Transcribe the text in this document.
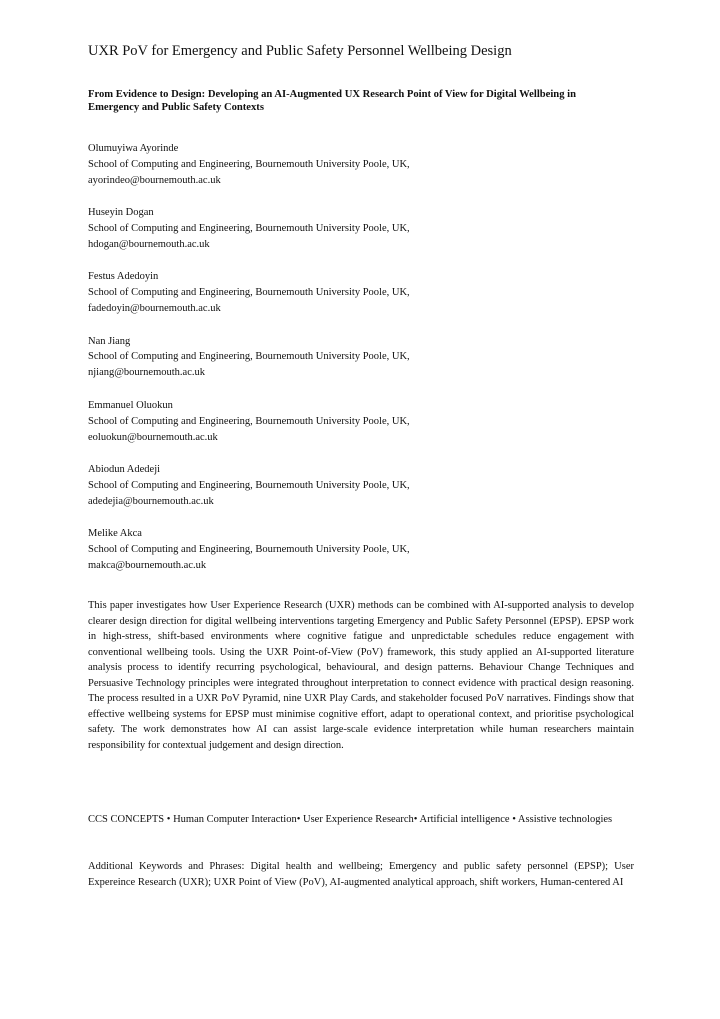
UXR PoV for Emergency and Public Safety Personnel Wellbeing Design
From Evidence to Design: Developing an AI-Augmented UX Research Point of View for Digital Wellbeing in Emergency and Public Safety Contexts
Olumuyiwa Ayorinde
School of Computing and Engineering, Bournemouth University Poole, UK,
ayorindeo@bournemouth.ac.uk
Huseyin Dogan
School of Computing and Engineering, Bournemouth University Poole, UK,
hdogan@bournemouth.ac.uk
Festus Adedoyin
School of Computing and Engineering, Bournemouth University Poole, UK,
fadedoyin@bournemouth.ac.uk
Nan Jiang
School of Computing and Engineering, Bournemouth University Poole, UK,
njiang@bournemouth.ac.uk
Emmanuel Oluokun
School of Computing and Engineering, Bournemouth University Poole, UK,
eoluokun@bournemouth.ac.uk
Abiodun Adedeji
School of Computing and Engineering, Bournemouth University Poole, UK,
adedejia@bournemouth.ac.uk
Melike Akca
School of Computing and Engineering, Bournemouth University Poole, UK,
makca@bournemouth.ac.uk

This paper investigates how User Experience Research (UXR) methods can be combined with AI-supported analysis to develop clearer design direction for digital wellbeing interventions targeting Emergency and Public Safety Personnel (EPSP). EPSP work in high-stress, shift-based environments where cognitive fatigue and unpredictable schedules reduce engagement with conventional wellbeing tools. Using the UXR Point-of-View (PoV) framework, this study applied an AI-supported literature analysis process to identify recurring psychological, behavioural, and design patterns. Behaviour Change Techniques and Persuasive Technology principles were integrated throughout interpretation to connect evidence with practical design reasoning. The process resulted in a UXR PoV Pyramid, nine UXR Play Cards, and stakeholder focused PoV narratives. Findings show that effective wellbeing systems for EPSP must minimise cognitive effort, adapt to operational context, and prioritise psychological safety. The work demonstrates how AI can assist large-scale evidence interpretation while human researchers maintain responsibility for contextual judgement and design direction.

CCS CONCEPTS • Human Computer Interaction• User Experience Research• Artificial intelligence • Assistive technologies

Additional Keywords and Phrases: Digital health and wellbeing; Emergency and public safety personnel (EPSP); User Expereince Research (UXR); UXR Point of View (PoV), AI-augmented analytical approach, shift workers, Human-centered AI
